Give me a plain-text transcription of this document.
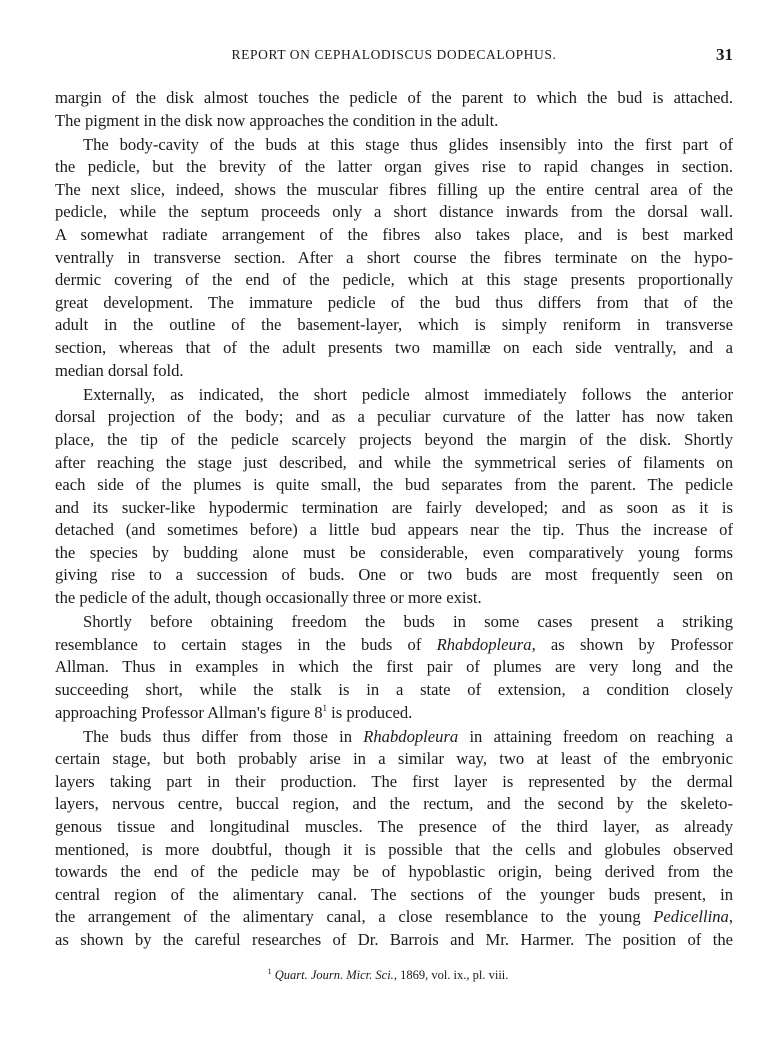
REPORT ON CEPHALODISCUS DODECALOPHUS.	31
margin of the disk almost touches the pedicle of the parent to which the bud is attached.
The pigment in the disk now approaches the condition in the adult.
The body-cavity of the buds at this stage thus glides insensibly into the first part of
the pedicle, but the brevity of the latter organ gives rise to rapid changes in section.
The next slice, indeed, shows the muscular fibres filling up the entire central area of the
pedicle, while the septum proceeds only a short distance inwards from the dorsal wall.
A somewhat radiate arrangement of the fibres also takes place, and is best marked
ventrally in transverse section. After a short course the fibres terminate on the hypo-
dermic covering of the end of the pedicle, which at this stage presents proportionally
great development. The immature pedicle of the bud thus differs from that of the
adult in the outline of the basement-layer, which is simply reniform in transverse
section, whereas that of the adult presents two mamillæ on each side ventrally, and a
median dorsal fold.
Externally, as indicated, the short pedicle almost immediately follows the anterior
dorsal projection of the body; and as a peculiar curvature of the latter has now taken
place, the tip of the pedicle scarcely projects beyond the margin of the disk. Shortly
after reaching the stage just described, and while the symmetrical series of filaments on
each side of the plumes is quite small, the bud separates from the parent. The pedicle
and its sucker-like hypodermic termination are fairly developed; and as soon as it is
detached (and sometimes before) a little bud appears near the tip. Thus the increase of
the species by budding alone must be considerable, even comparatively young forms
giving rise to a succession of buds. One or two buds are most frequently seen on
the pedicle of the adult, though occasionally three or more exist.
Shortly before obtaining freedom the buds in some cases present a striking
resemblance to certain stages in the buds of Rhabdopleura, as shown by Professor
Allman. Thus in examples in which the first pair of plumes are very long and the
succeeding short, while the stalk is in a state of extension, a condition closely
approaching Professor Allman's figure $8^1$ is produced.
The buds thus differ from those in Rhabdopleura in attaining freedom on reaching a
certain stage, but both probably arise in a similar way, two at least of the embryonic
layers taking part in their production. The first layer is represented by the dermal
layers, nervous centre, buccal region, and the rectum, and the second by the skeleto-
genous tissue and longitudinal muscles. The presence of the third layer, as already
mentioned, is more doubtful, though it is possible that the cells and globules observed
towards the end of the pedicle may be of hypoblastic origin, being derived from the
central region of the alimentary canal. The sections of the younger buds present, in
the arrangement of the alimentary canal, a close resemblance to the young Pedicellina,
as shown by the careful researches of Dr. Barrois and Mr. Harmer. The position of the
$^1$ Quart. Journ. Micr. Sci., 1869, vol. ix., pl. viii.
